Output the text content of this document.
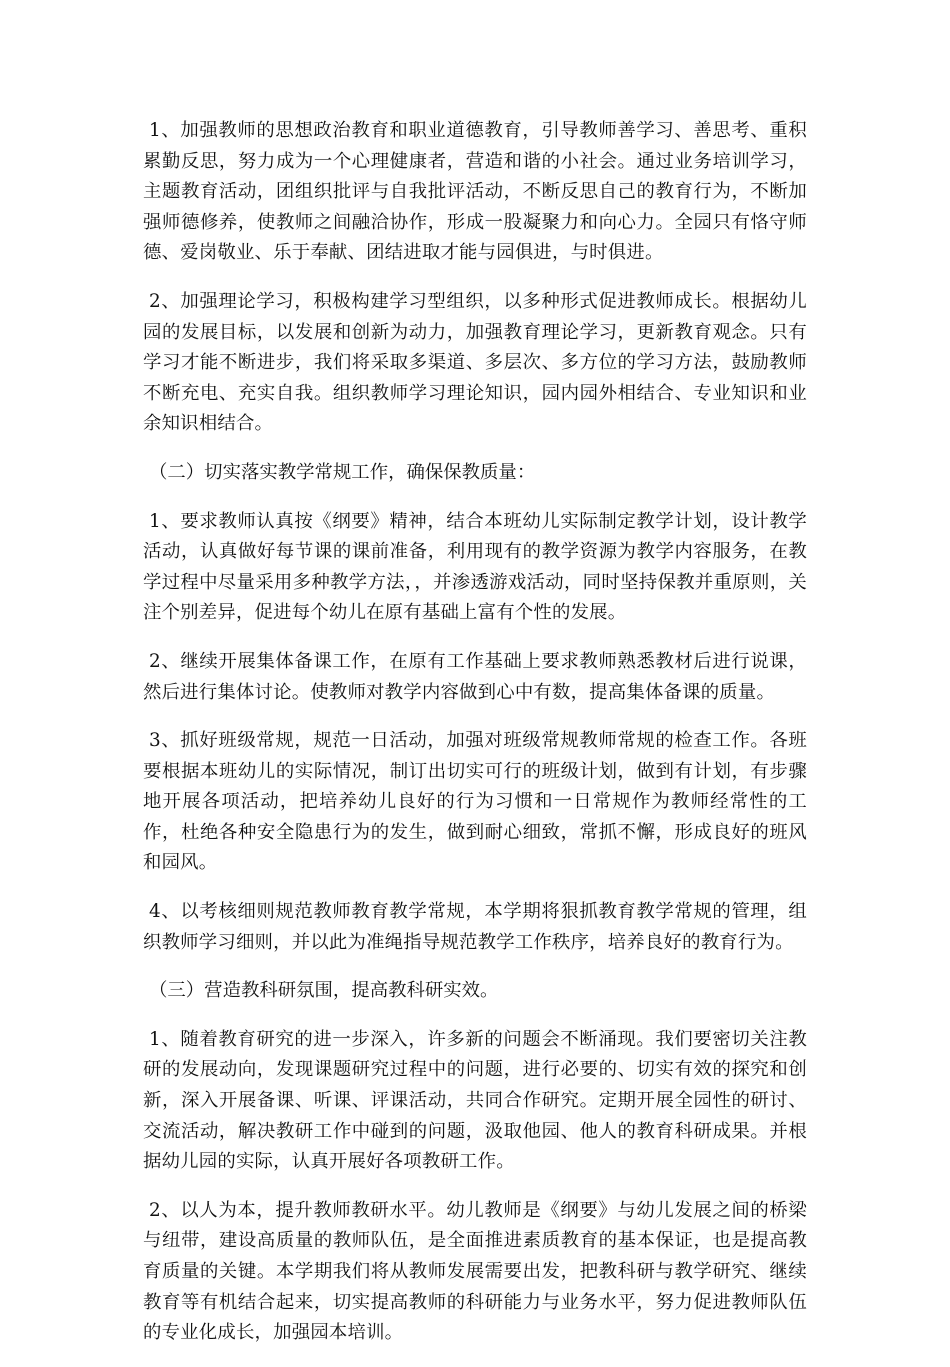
1、加强教师的思想政治教育和职业道德教育，引导教师善学习、善思考、重积累勤反思，努力成为一个心理健康者，营造和谐的小社会。通过业务培训学习，主题教育活动，团组织批评与自我批评活动，不断反思自己的教育行为，不断加强师德修养，使教师之间融洽协作，形成一股凝聚力和向心力。全园只有恪守师德、爱岗敬业、乐于奉献、团结进取才能与园俱进，与时俱进。

2、加强理论学习，积极构建学习型组织，以多种形式促进教师成长。根据幼儿园的发展目标，以发展和创新为动力，加强教育理论学习，更新教育观念。只有学习才能不断进步，我们将采取多渠道、多层次、多方位的学习方法，鼓励教师不断充电、充实自我。组织教师学习理论知识，园内园外相结合、专业知识和业余知识相结合。

（二）切实落实教学常规工作，确保保教质量：

1、要求教师认真按《纲要》精神，结合本班幼儿实际制定教学计划，设计教学活动，认真做好每节课的课前准备，利用现有的教学资源为教学内容服务，在教学过程中尽量采用多种教学方法，，并渗透游戏活动，同时坚持保教并重原则，关注个别差异，促进每个幼儿在原有基础上富有个性的发展。

2、继续开展集体备课工作，在原有工作基础上要求教师熟悉教材后进行说课，然后进行集体讨论。使教师对教学内容做到心中有数，提高集体备课的质量。

3、抓好班级常规，规范一日活动，加强对班级常规教师常规的检查工作。各班要根据本班幼儿的实际情况，制订出切实可行的班级计划，做到有计划，有步骤地开展各项活动，把培养幼儿良好的行为习惯和一日常规作为教师经常性的工作，杜绝各种安全隐患行为的发生，做到耐心细致，常抓不懈，形成良好的班风和园风。

4、以考核细则规范教师教育教学常规，本学期将狠抓教育教学常规的管理，组织教师学习细则，并以此为准绳指导规范教学工作秩序，培养良好的教育行为。

（三）营造教科研氛围，提高教科研实效。

1、随着教育研究的进一步深入，许多新的问题会不断涌现。我们要密切关注教研的发展动向，发现课题研究过程中的问题，进行必要的、切实有效的探究和创新，深入开展备课、听课、评课活动，共同合作研究。定期开展全园性的研讨、交流活动，解决教研工作中碰到的问题，汲取他园、他人的教育科研成果。并根据幼儿园的实际，认真开展好各项教研工作。

2、以人为本，提升教师教研水平。幼儿教师是《纲要》与幼儿发展之间的桥梁与纽带，建设高质量的教师队伍，是全面推进素质教育的基本保证，也是提高教育质量的关键。本学期我们将从教师发展需要出发，把教科研与教学研究、继续教育等有机结合起来，切实提高教师的科研能力与业务水平，努力促进教师队伍的专业化成长，加强园本培训。
